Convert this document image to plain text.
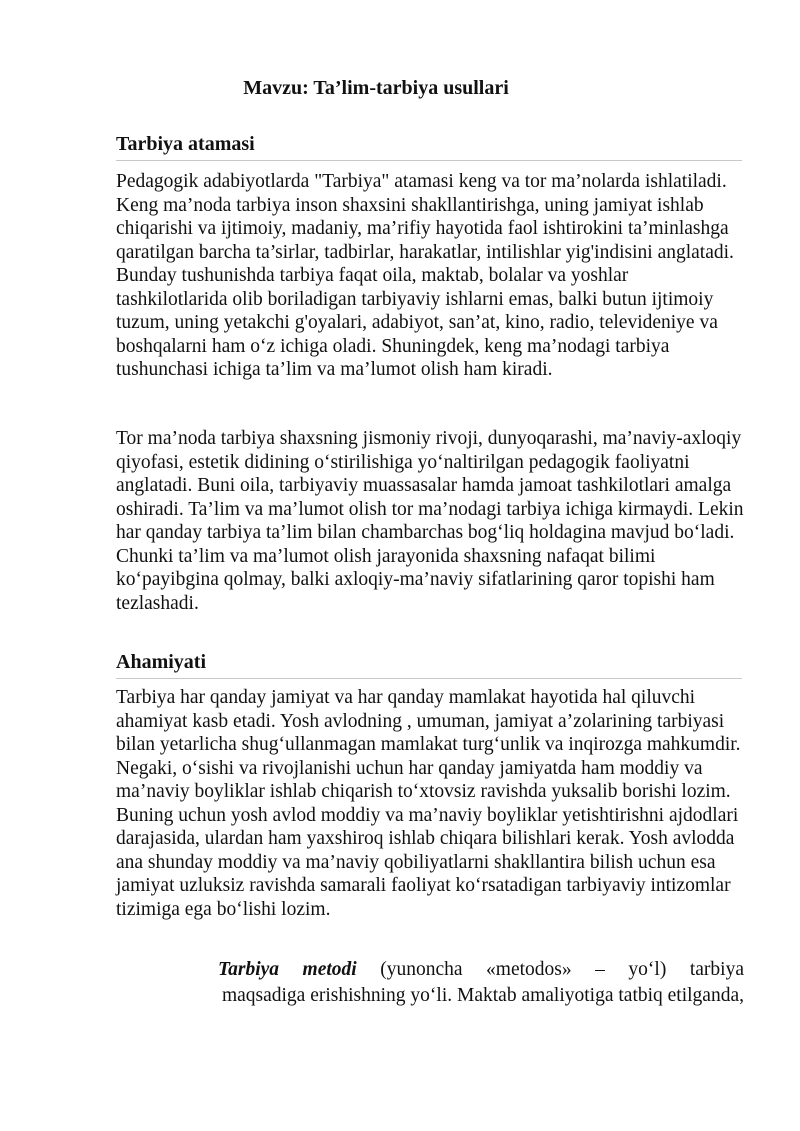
Mavzu: Ta’lim-tarbiya usullari
Tarbiya atamasi

Pedagogik adabiyotlarda "Tarbiya" atamasi keng va tor ma’nolarda ishlatiladi. Keng ma’noda tarbiya inson shaxsini shakllantirishga, uning jamiyat ishlab chiqarishi va ijtimoiy, madaniy, ma’rifiy hayotida faol ishtirokini ta’minlashga qaratilgan barcha ta’sirlar, tadbirlar, harakatlar, intilishlar yig'indisini anglatadi. Bunday tushunishda tarbiya faqat oila, maktab, bolalar va yoshlar tashkilotlarida olib boriladigan tarbiyaviy ishlarni emas, balki butun ijtimoiy tuzum, uning yetakchi g'oyalari, adabiyot, san’at, kino, radio, televideniye va boshqalarni ham o‘z ichiga oladi. Shuningdek, keng ma’nodagi tarbiya tushunchasi ichiga ta’lim va ma’lumot olish ham kiradi.

Tor ma’noda tarbiya shaxsning jismoniy rivoji, dunyoqarashi, ma’naviy-axloqiy qiyofasi, estetik didining o‘stirilishiga yo‘naltirilgan pedagogik faoliyatni anglatadi. Buni oila, tarbiyaviy muassasalar hamda jamoat tashkilotlari amalga oshiradi. Ta’lim va ma’lumot olish tor ma’nodagi tarbiya ichiga kirmaydi. Lekin har qanday tarbiya ta’lim bilan chambarchas bog‘liq holdagina mavjud bo‘ladi. Chunki ta’lim va ma’lumot olish jarayonida shaxsning nafaqat bilimi ko‘payibgina qolmay, balki axloqiy-ma’naviy sifatlarining qaror topishi ham tezlashadi.

Ahamiyati

Tarbiya har qanday jamiyat va har qanday mamlakat hayotida hal qiluvchi ahamiyat kasb etadi. Yosh avlodning , umuman, jamiyat a’zolarining tarbiyasi bilan yetarlicha shug‘ullanmagan mamlakat turg‘unlik va inqirozga mahkumdir. Negaki, o‘sishi va rivojlanishi uchun har qanday jamiyatda ham moddiy va ma’naviy boyliklar ishlab chiqarish to‘xtovsiz ravishda yuksalib borishi lozim. Buning uchun yosh avlod moddiy va ma’naviy boyliklar yetishtirishni ajdodlari darajasida, ulardan ham yaxshiroq ishlab chiqara bilishlari kerak. Yosh avlodda ana shunday moddiy va ma’naviy qobiliyatlarni shakllantira bilish uchun esa jamiyat uzluksiz ravishda samarali faoliyat ko‘rsatadigan tarbiyaviy intizomlar tizimiga ega bo‘lishi lozim.

Tarbiya metodi (yunoncha «metodos» – yo‘l) tarbiya

maqsadiga erishishning yo‘li. Maktab amaliyotiga tatbiq etilganda,
